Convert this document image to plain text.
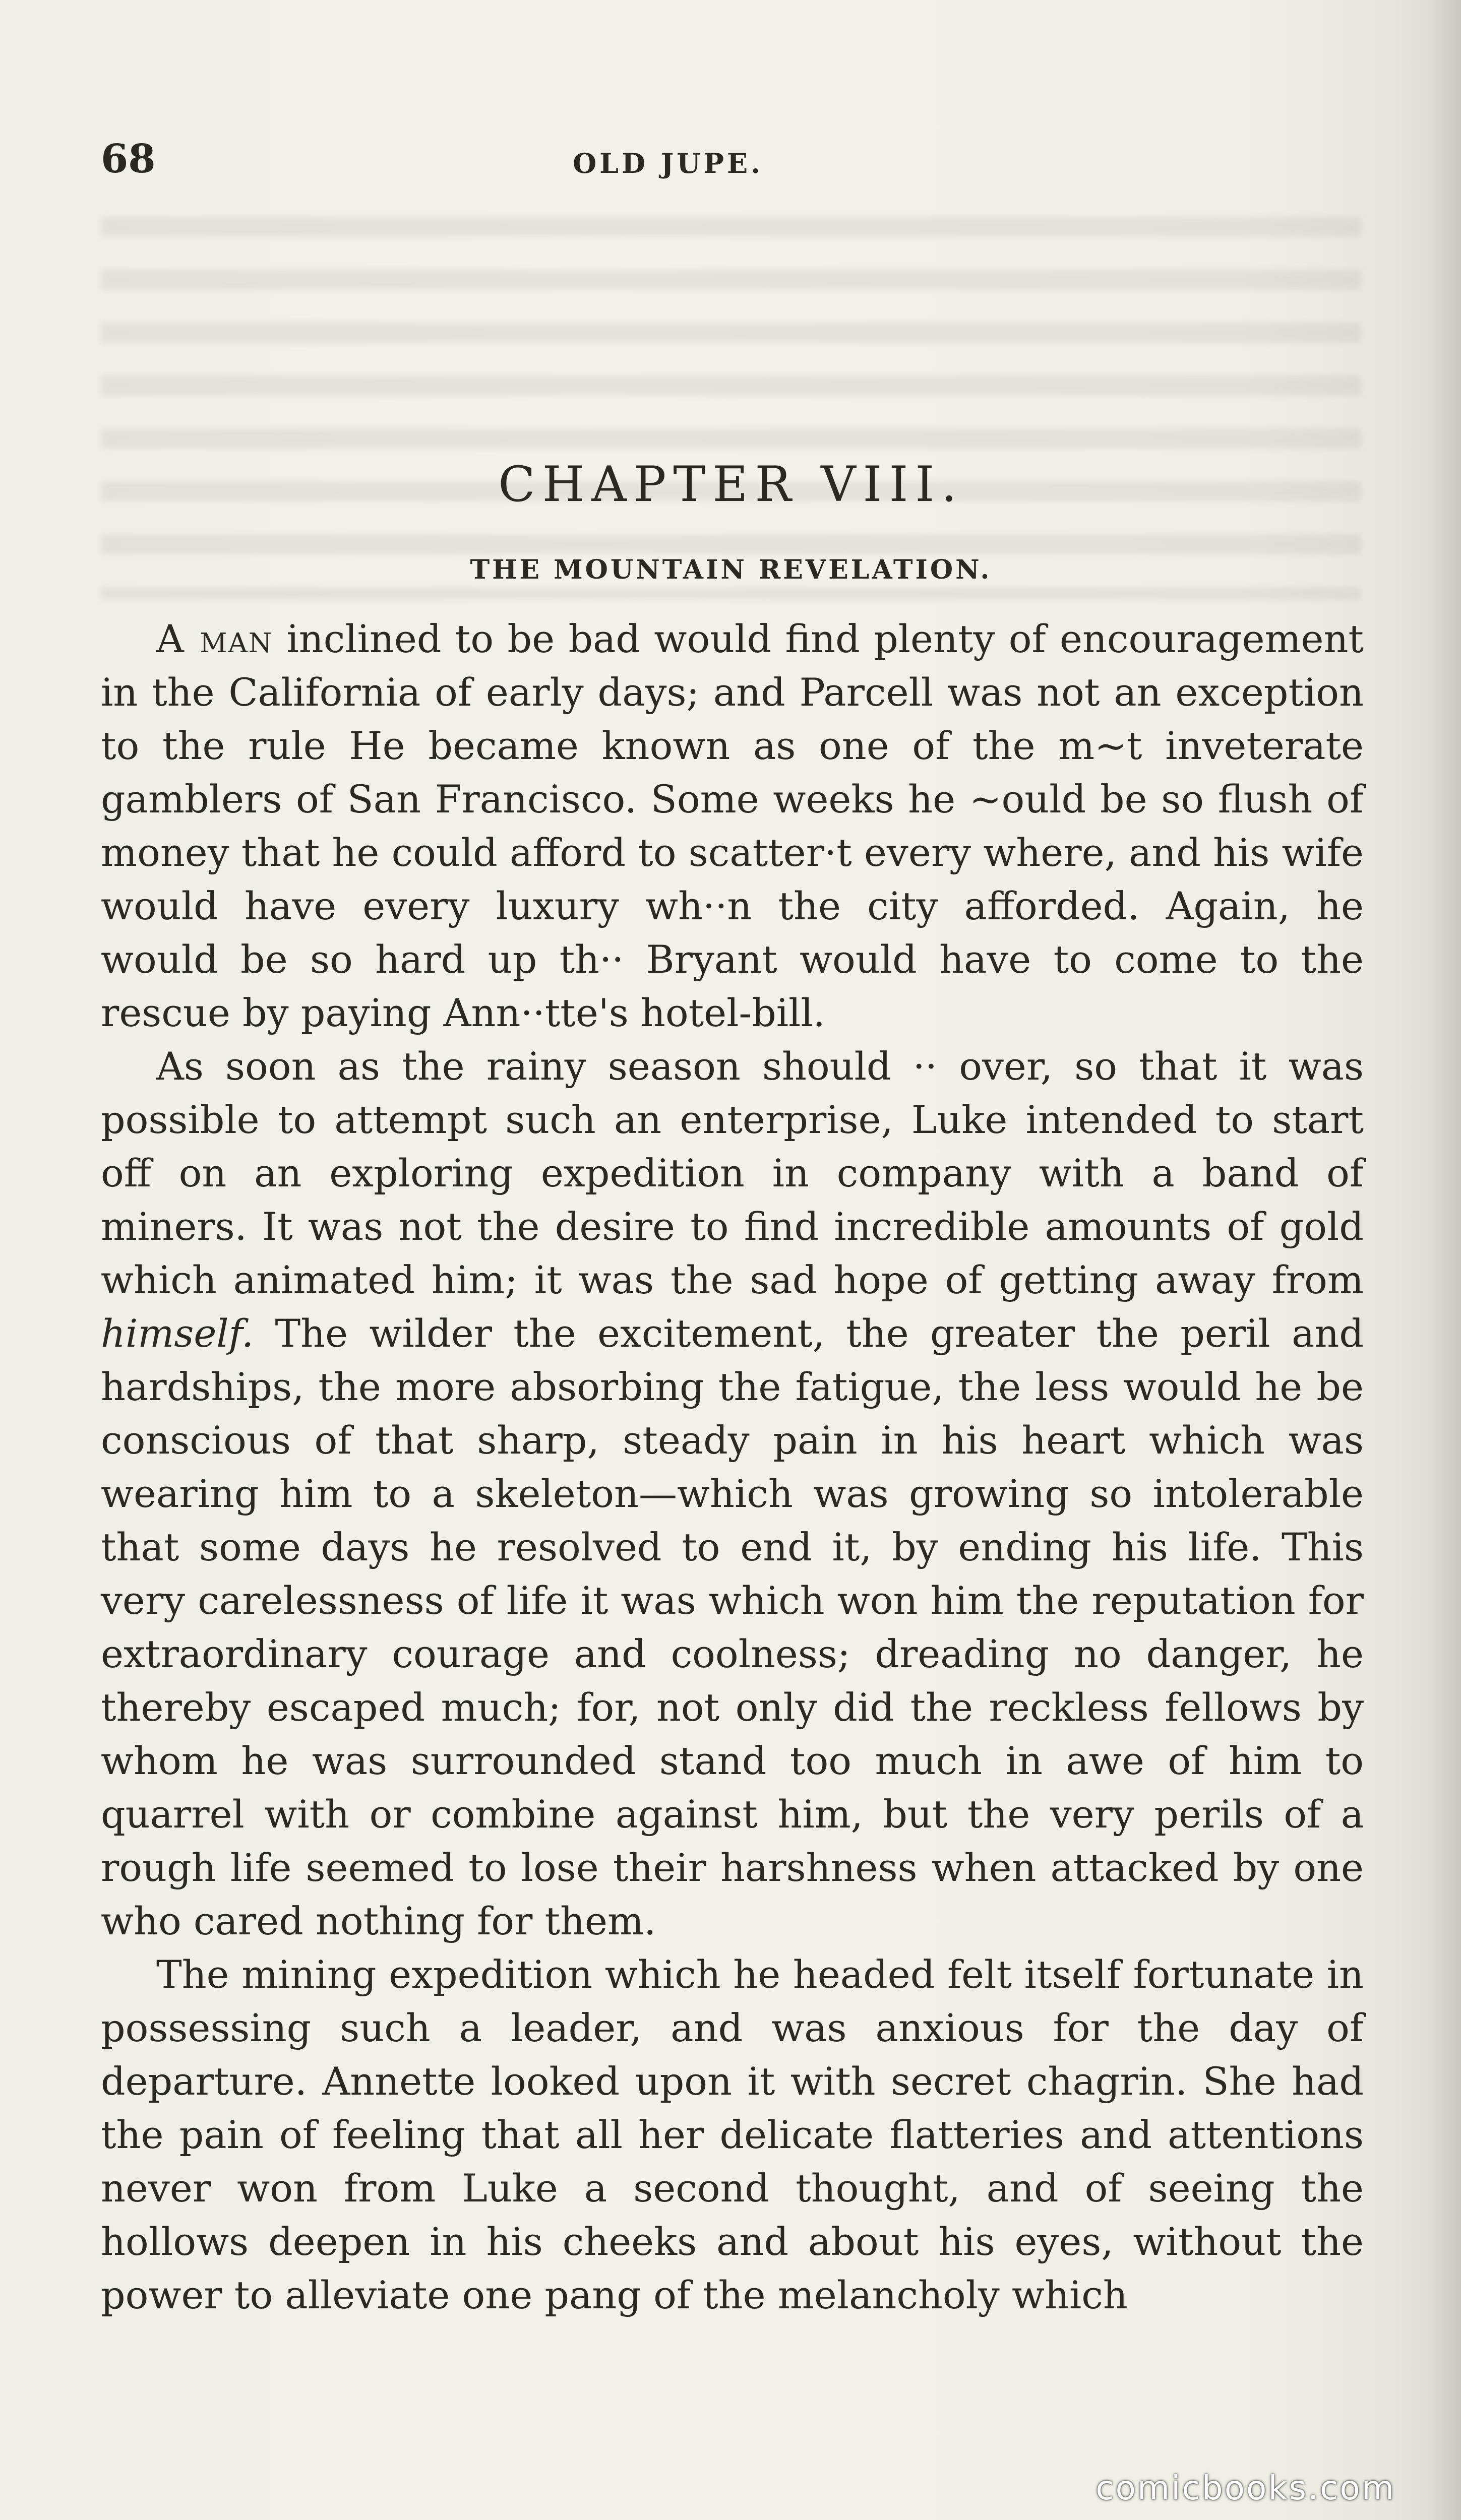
68	OLD JUPE.
CHAPTER VIII.
THE MOUNTAIN REVELATION.

A man inclined to be bad would find plenty of encouragement in the California of early days; and Parcell was not an exception to the rule He became known as one of the m~t inveterate gamblers of San Francisco. Some weeks he ~ould be so flush of money that he could afford to scatter·t every where, and his wife would have every luxury wh··n the city afforded. Again, he would be so hard up th·· Bryant would have to come to the rescue by paying Ann··tte's hotel-bill.

As soon as the rainy season should ·· over, so that it was possible to attempt such an enterprise, Luke intended to start off on an exploring expedition in company with a band of miners. It was not the desire to find incredible amounts of gold which animated him; it was the sad hope of getting away from himself. The wilder the excitement, the greater the peril and hardships, the more absorbing the fatigue, the less would he be conscious of that sharp, steady pain in his heart which was wearing him to a skeleton—which was growing so intolerable that some days he resolved to end it, by ending his life. This very carelessness of life it was which won him the reputation for extraordinary courage and coolness; dreading no danger, he thereby escaped much; for, not only did the reckless fellows by whom he was surrounded stand too much in awe of him to quarrel with or combine against him, but the very perils of a rough life seemed to lose their harshness when attacked by one who cared nothing for them.

The mining expedition which he headed felt itself fortunate in possessing such a leader, and was anxious for the day of departure. Annette looked upon it with secret chagrin. She had the pain of feeling that all her delicate flatteries and attentions never won from Luke a second thought, and of seeing the hollows deepen in his cheeks and about his eyes, without the power to alleviate one pang of the melancholy which

comicbooks.com
